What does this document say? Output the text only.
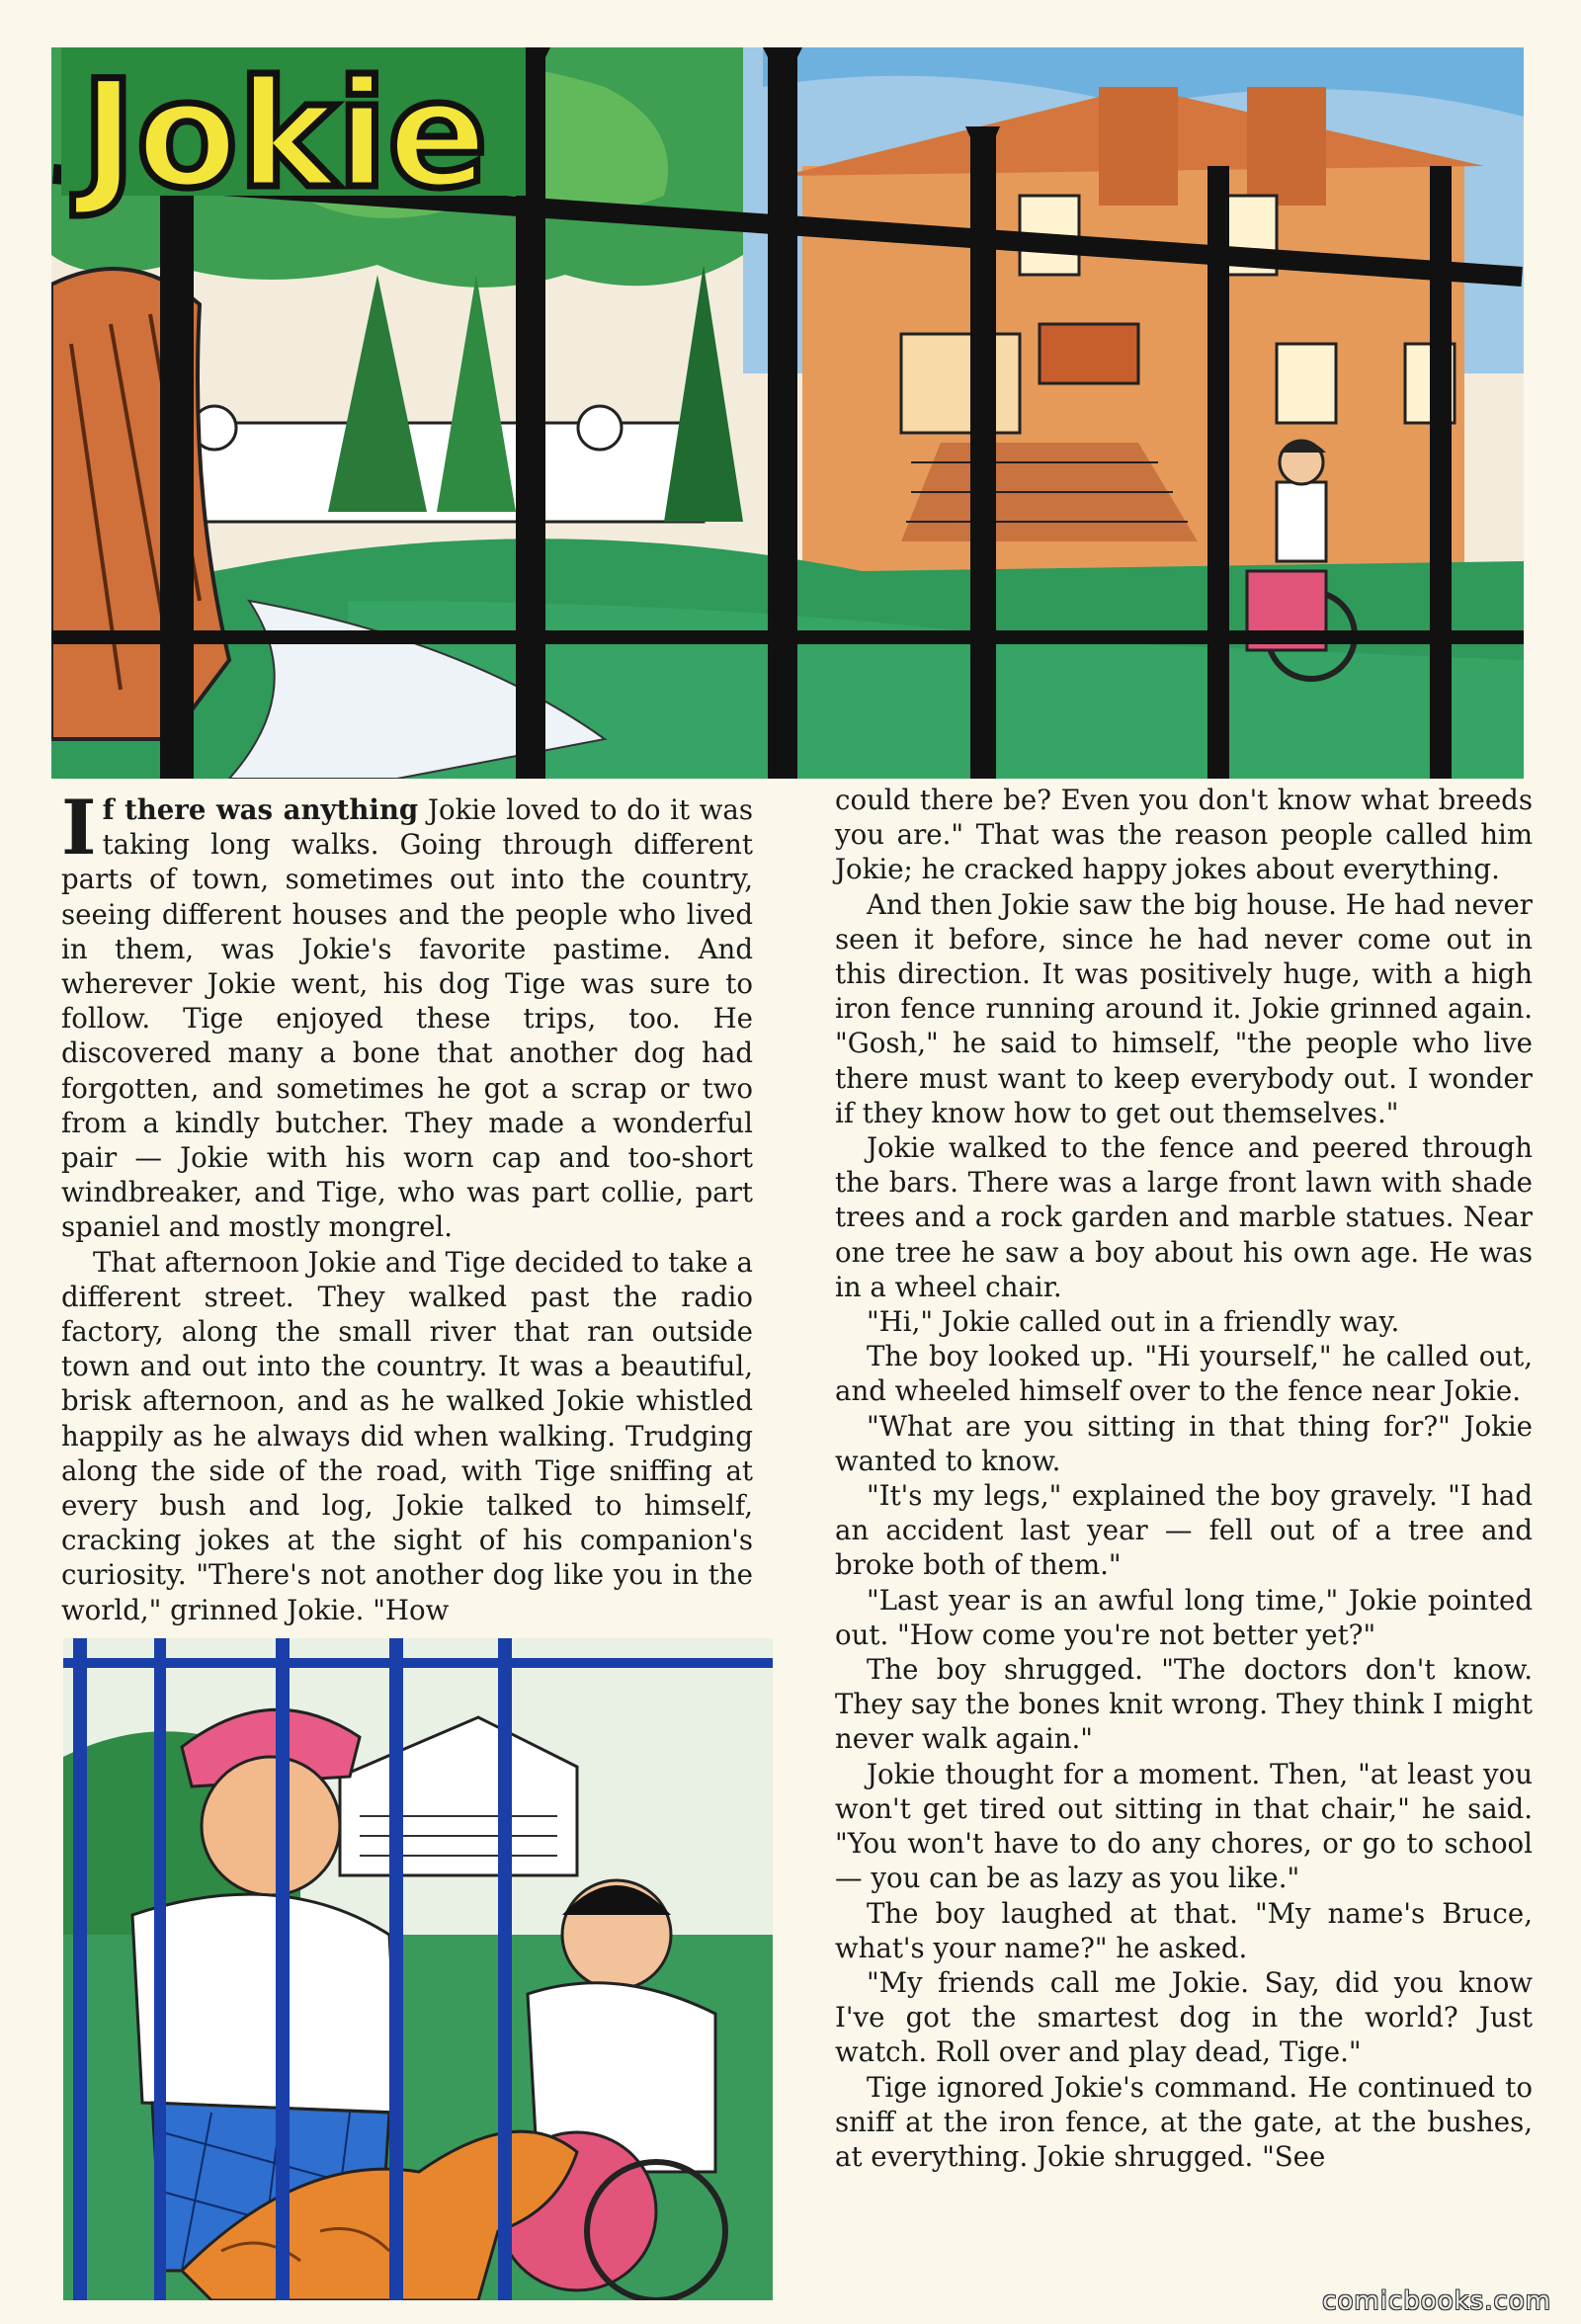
Jokie

If there was anything Jokie loved to do it was taking long walks. Going through different parts of town, sometimes out into the country, seeing different houses and the people who lived in them, was Jokie's favorite pastime. And wherever Jokie went, his dog Tige was sure to follow. Tige enjoyed these trips, too. He discovered many a bone that another dog had forgotten, and sometimes he got a scrap or two from a kindly butcher. They made a wonderful pair — Jokie with his worn cap and too-short windbreaker, and Tige, who was part collie, part spaniel and mostly mongrel.

That afternoon Jokie and Tige decided to take a different street. They walked past the radio factory, along the small river that ran outside town and out into the country. It was a beautiful, brisk afternoon, and as he walked Jokie whistled happily as he always did when walking. Trudging along the side of the road, with Tige sniffing at every bush and log, Jokie talked to himself, cracking jokes at the sight of his companion's curiosity. "There's not another dog like you in the world," grinned Jokie. "How

could there be? Even you don't know what breeds you are." That was the reason people called him Jokie; he cracked happy jokes about everything.

And then Jokie saw the big house. He had never seen it before, since he had never come out in this direction. It was positively huge, with a high iron fence running around it. Jokie grinned again. "Gosh," he said to himself, "the people who live there must want to keep everybody out. I wonder if they know how to get out themselves."

Jokie walked to the fence and peered through the bars. There was a large front lawn with shade trees and a rock garden and marble statues. Near one tree he saw a boy about his own age. He was in a wheel chair.

"Hi," Jokie called out in a friendly way.

The boy looked up. "Hi yourself," he called out, and wheeled himself over to the fence near Jokie.

"What are you sitting in that thing for?" Jokie wanted to know.

"It's my legs," explained the boy gravely. "I had an accident last year — fell out of a tree and broke both of them."

"Last year is an awful long time," Jokie pointed out. "How come you're not better yet?"

The boy shrugged. "The doctors don't know. They say the bones knit wrong. They think I might never walk again."

Jokie thought for a moment. Then, "at least you won't get tired out sitting in that chair," he said. "You won't have to do any chores, or go to school — you can be as lazy as you like."

The boy laughed at that. "My name's Bruce, what's your name?" he asked.

"My friends call me Jokie. Say, did you know I've got the smartest dog in the world? Just watch. Roll over and play dead, Tige."

Tige ignored Jokie's command. He continued to sniff at the iron fence, at the gate, at the bushes, at everything. Jokie shrugged. "See

comicbooks.com
